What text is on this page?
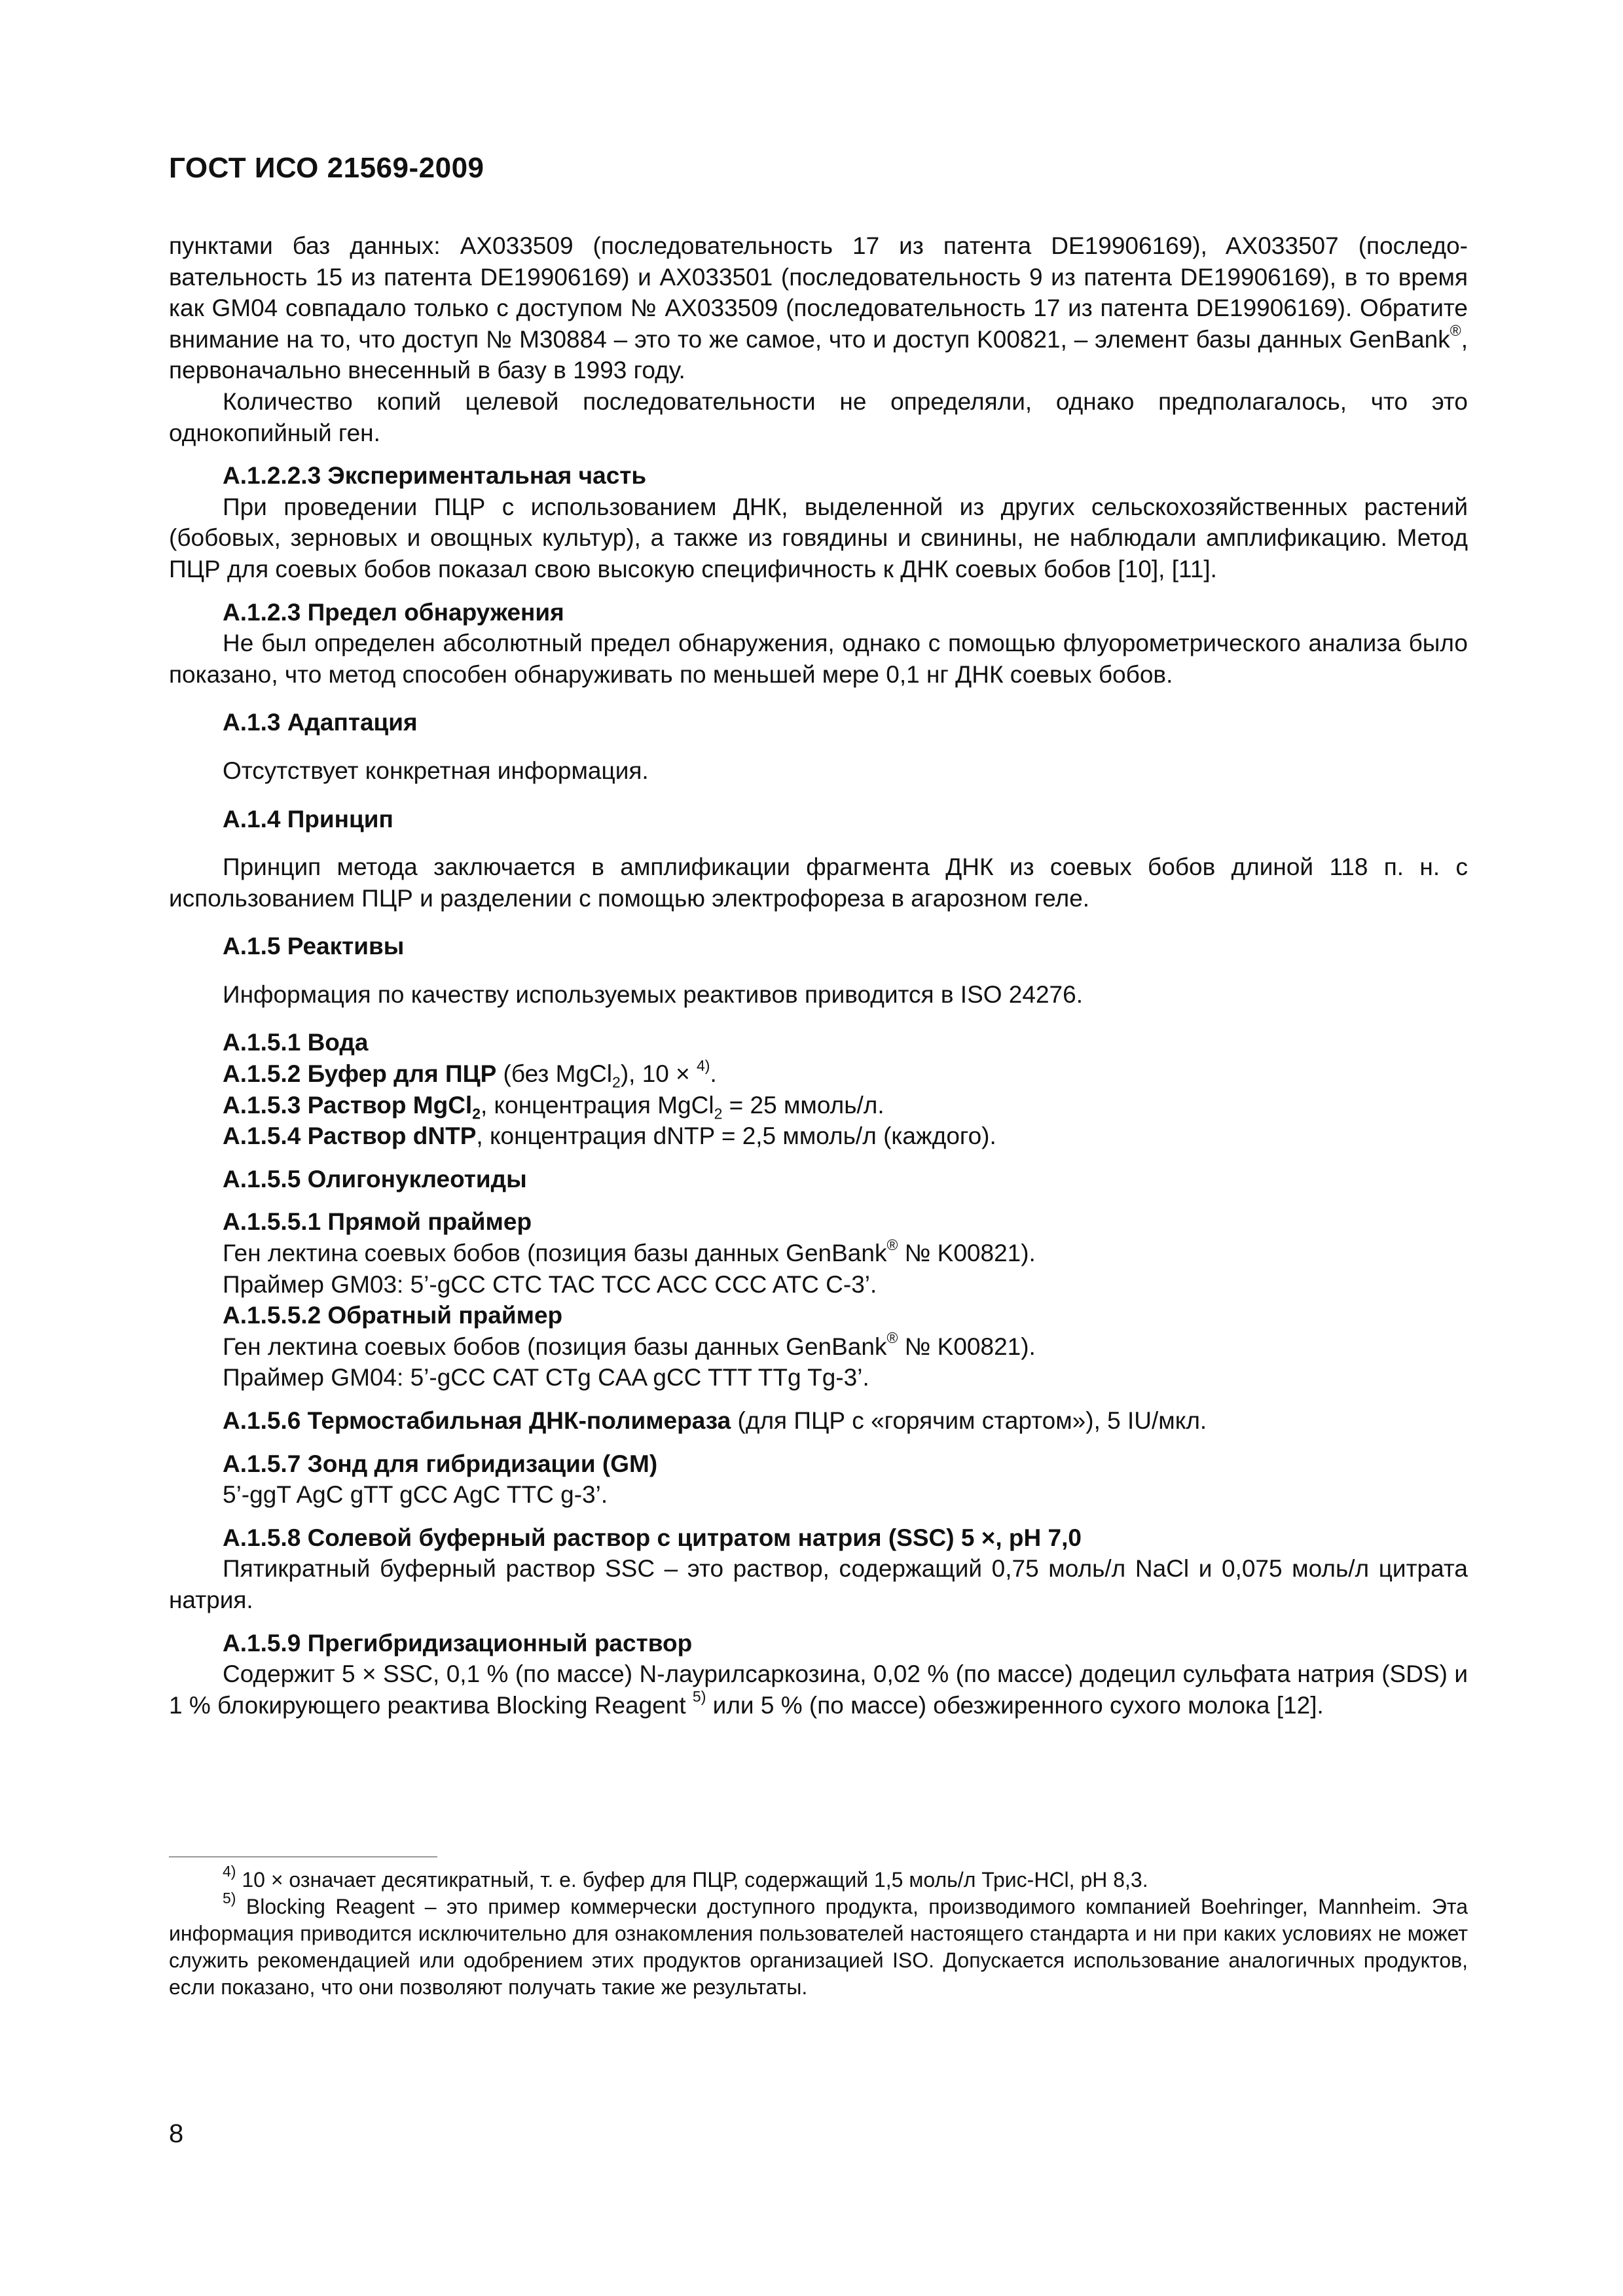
ГОСТ ИСО 21569-2009

пунктами баз данных: AX033509 (последовательность 17 из патента DE19906169), AX033507 (последо-вательность 15 из патента DE19906169) и AX033501 (последовательность 9 из патента DE19906169), в то время как GM04 совпадало только с доступом № AX033509 (последовательность 17 из патента DE19906169). Обратите внимание на то, что доступ № M30884 – это то же самое, что и доступ K00821, – элемент базы данных GenBank®, первоначально внесенный в базу в 1993 году.

Количество копий целевой последовательности не определяли, однако предполагалось, что это однокопийный ген.

А.1.2.2.3 Экспериментальная часть

При проведении ПЦР с использованием ДНК, выделенной из других сельскохозяйственных растений (бобовых, зерновых и овощных культур), а также из говядины и свинины, не наблюдали амплификацию. Метод ПЦР для соевых бобов показал свою высокую специфичность к ДНК соевых бобов [10], [11].

А.1.2.3 Предел обнаружения

Не был определен абсолютный предел обнаружения, однако с помощью флуорометрического анализа было показано, что метод способен обнаруживать по меньшей мере 0,1 нг ДНК соевых бобов.

А.1.3 Адаптация

Отсутствует конкретная информация.

А.1.4 Принцип

Принцип метода заключается в амплификации фрагмента ДНК из соевых бобов длиной 118 п. н. с использованием ПЦР и разделении с помощью электрофореза в агарозном геле.

А.1.5 Реактивы

Информация по качеству используемых реактивов приводится в ISO 24276.

А.1.5.1 Вода

А.1.5.2 Буфер для ПЦР (без MgCl$_2$), 10 × $^{4)}$.

А.1.5.3 Раствор MgCl$_2$, концентрация MgCl$_2$ = 25 ммоль/л.

А.1.5.4 Раствор dNTP, концентрация dNTP = 2,5 ммоль/л (каждого).

А.1.5.5 Олигонуклеотиды

А.1.5.5.1 Прямой праймер

Ген лектина соевых бобов (позиция базы данных GenBank® № K00821).

Праймер GM03: 5’-gCC CTC TAC TCC ACC CCC ATC C-3’.

А.1.5.5.2 Обратный праймер

Ген лектина соевых бобов (позиция базы данных GenBank® № K00821).

Праймер GM04: 5’-gCC CAT CTg CAA gCC TTT TTg Tg-3’.

А.1.5.6 Термостабильная ДНК-полимераза (для ПЦР с «горячим стартом»), 5 IU/мкл.

А.1.5.7 Зонд для гибридизации (GM)

5’-ggT AgC gTT gCC AgC TTC g-3’.

А.1.5.8 Солевой буферный раствор с цитратом натрия (SSC) 5 ×, pH 7,0

Пятикратный буферный раствор SSC – это раствор, содержащий 0,75 моль/л NaCl и 0,075 моль/л цитрата натрия.

А.1.5.9 Прегибридизационный раствор

Содержит 5 × SSC, 0,1 % (по массе) N-лаурилсаркозина, 0,02 % (по массе) додецил сульфата натрия (SDS) и 1 % блокирующего реактива Blocking Reagent $^{5)}$ или 5 % (по массе) обезжиренного сухого молока [12].

$^{4)}$ 10 × означает десятикратный, т. е. буфер для ПЦР, содержащий 1,5 моль/л Трис-HCl, pH 8,3.

$^{5)}$ Blocking Reagent – это пример коммерчески доступного продукта, производимого компанией Boehringer, Mannheim. Эта информация приводится исключительно для ознакомления пользователей настоящего стандарта и ни при каких условиях не может служить рекомендацией или одобрением этих продуктов организацией ISO. Допускается использование аналогичных продуктов, если показано, что они позволяют получать такие же результаты.

8
